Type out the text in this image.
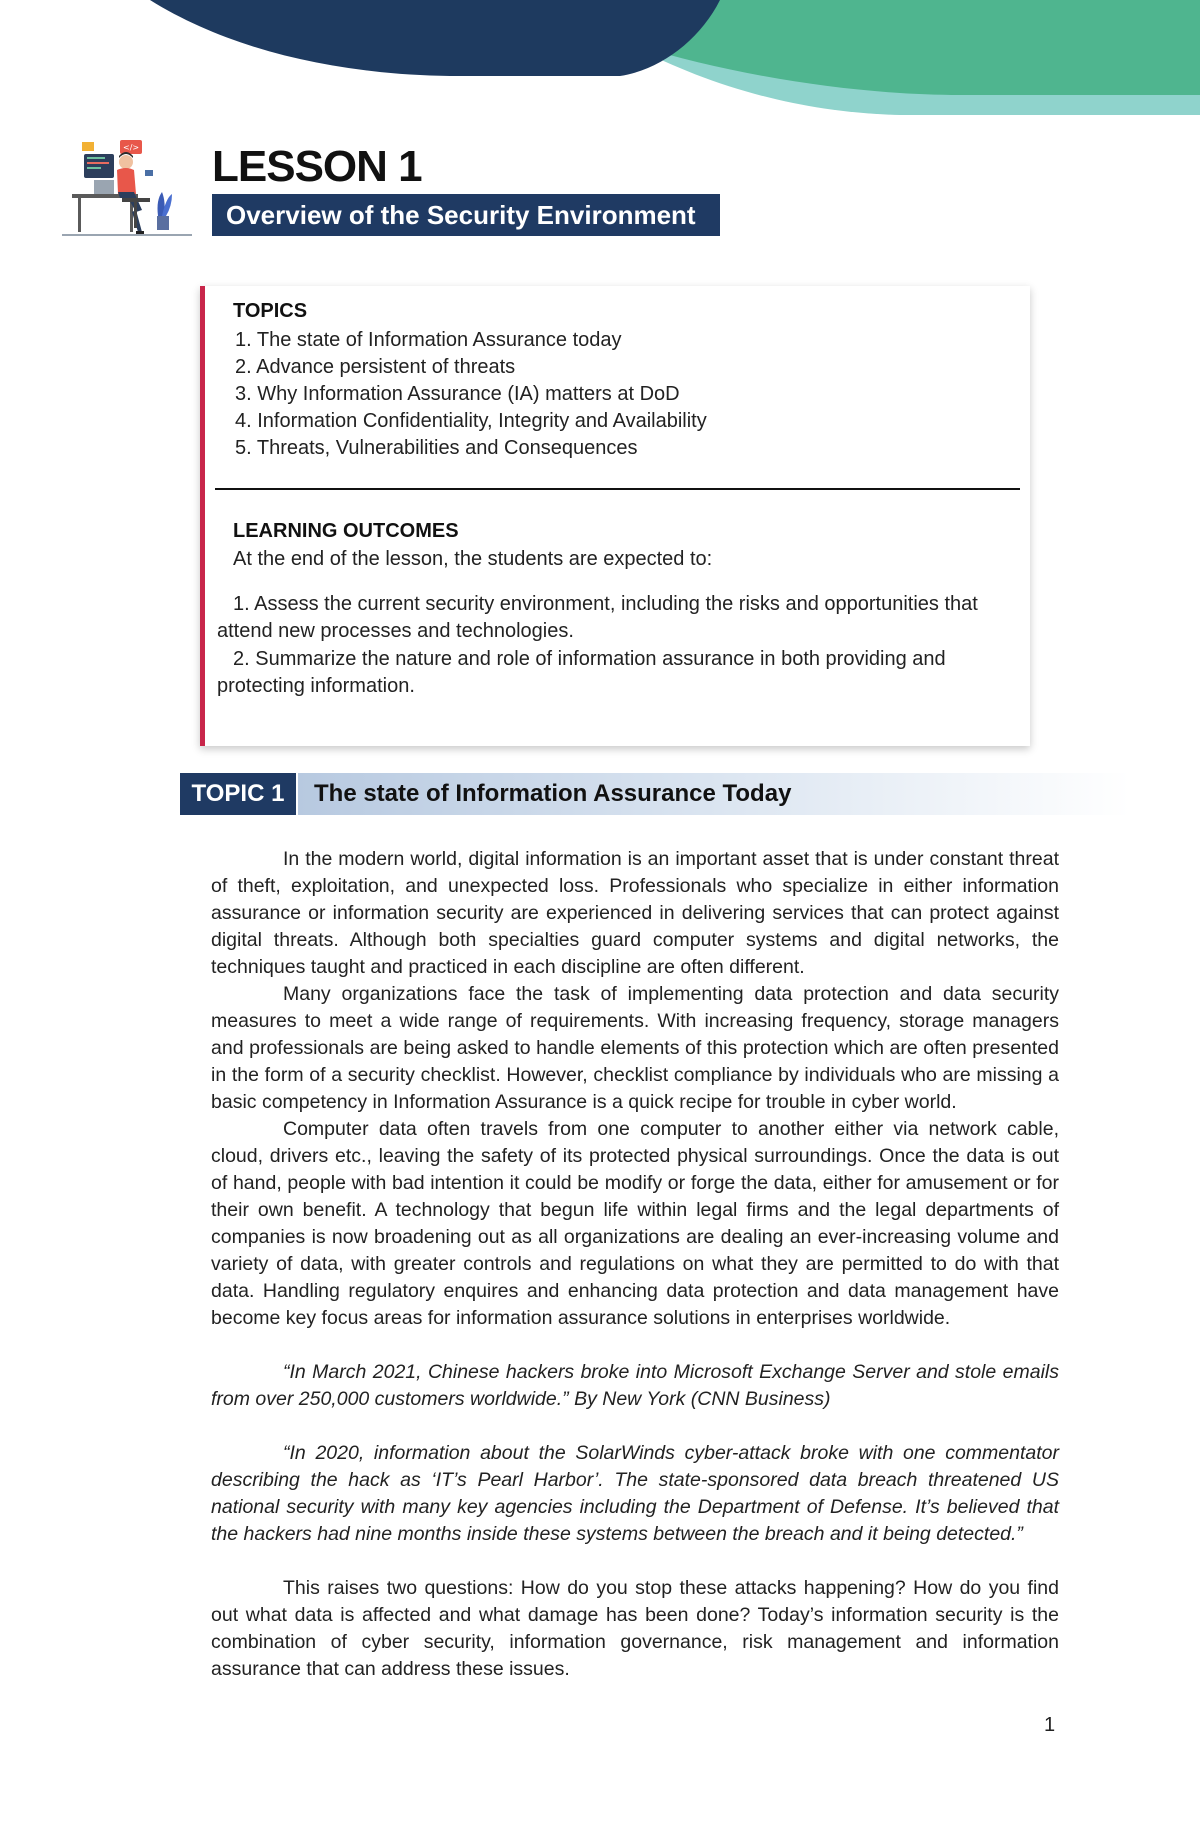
</> LESSON 1
Overview of the Security Environment
TOPICS
1. The state of Information Assurance today
2. Advance persistent of threats
3. Why Information Assurance (IA) matters at DoD
4. Information Confidentiality, Integrity and Availability
5. Threats, Vulnerabilities and Consequences
LEARNING OUTCOMES

At the end of the lesson, the students are expected to:

1. Assess the current security environment, including the risks and opportunities that attend new processes and technologies.

2. Summarize the nature and role of information assurance in both providing and protecting information.

TOPIC 1	The state of Information Assurance Today

In the modern world, digital information is an important asset that is under constant threat of theft, exploitation, and unexpected loss. Professionals who specialize in either information assurance or information security are experienced in delivering services that can protect against digital threats. Although both specialties guard computer systems and digital networks, the techniques taught and practiced in each discipline are often different.

Many organizations face the task of implementing data protection and data security measures to meet a wide range of requirements. With increasing frequency, storage managers and professionals are being asked to handle elements of this protection which are often presented in the form of a security checklist. However, checklist compliance by individuals who are missing a basic competency in Information Assurance is a quick recipe for trouble in cyber world.

Computer data often travels from one computer to another either via network cable, cloud, drivers etc., leaving the safety of its protected physical surroundings. Once the data is out of hand, people with bad intention it could be modify or forge the data, either for amusement or for their own benefit. A technology that begun life within legal firms and the legal departments of companies is now broadening out as all organizations are dealing an ever-increasing volume and variety of data, with greater controls and regulations on what they are permitted to do with that data. Handling regulatory enquires and enhancing data protection and data management have become key focus areas for information assurance solutions in enterprises worldwide.

“In March 2021, Chinese hackers broke into Microsoft Exchange Server and stole emails from over 250,000 customers worldwide.” By New York (CNN Business)

“In 2020, information about the SolarWinds cyber-attack broke with one commentator describing the hack as ‘IT’s Pearl Harbor’. The state-sponsored data breach threatened US national security with many key agencies including the Department of Defense. It’s believed that the hackers had nine months inside these systems between the breach and it being detected.”

This raises two questions: How do you stop these attacks happening? How do you find out what data is affected and what damage has been done? Today’s information security is the combination of cyber security, information governance, risk management and information assurance that can address these issues.

1
